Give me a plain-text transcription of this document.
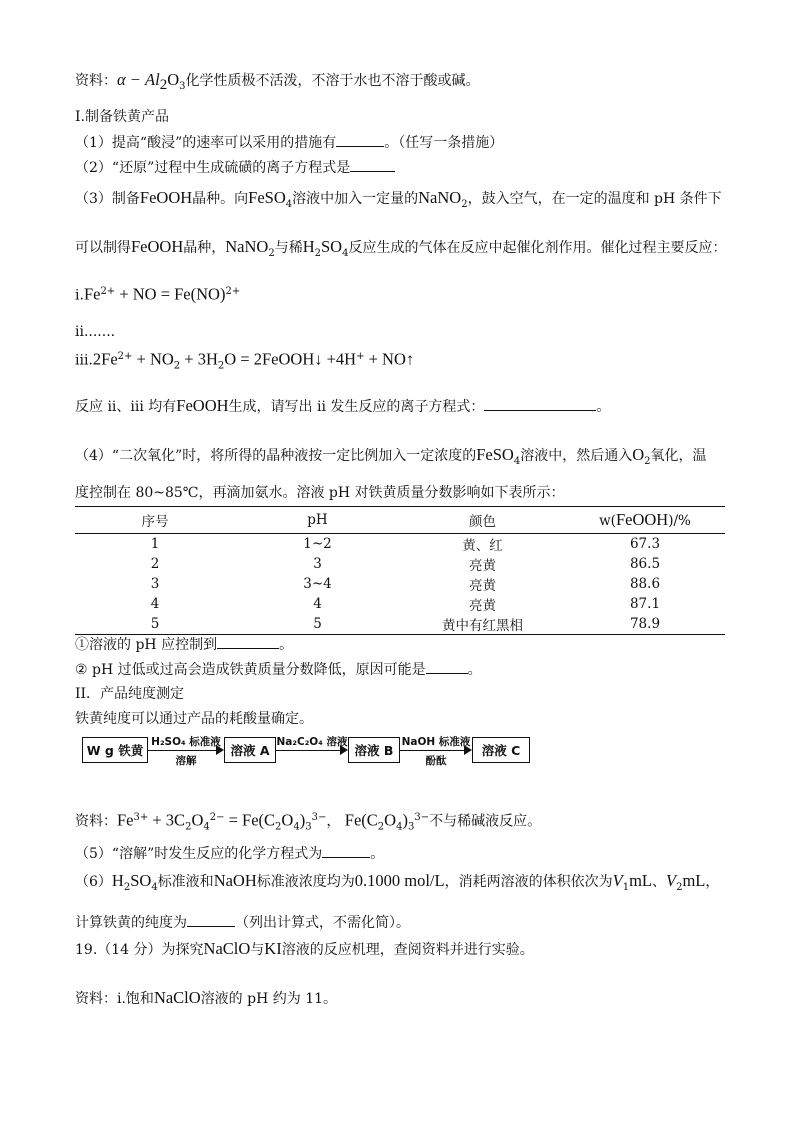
资料：$\alpha - Al_2O_3$化学性质极不活泼，不溶于水也不溶于酸或碱。
I.制备铁黄产品
（1）提高“酸浸”的速率可以采用的措施有	。（任写一条措施）
（2）“还原”过程中生成硫磺的离子方程式是
（3）制备FeOOH晶种。向FeSO$_4$溶液中加入一定量的NaNO$_2$，鼓入空气，在一定的温度和 pH 条件下
可以制得FeOOH晶种，NaNO$_2$与稀$H_2SO_4$反应生成的气体在反应中起催化剂作用。催化过程主要反应：
$i.Fe^{2+}$ + NO = Fe(NO)$^{2+}$
ii.......
$iii.2Fe^{2+} + NO_2 + 3H_2O$ = 2FeOOH↓ +4H+ + NO↑
反应 ii、iii 均有FeOOH生成，请写出 ii 发生反应的离子方程式：	。
（4）“二次氧化”时，将所得的晶种液按一定比例加入一定浓度的FeSO$_4$溶液中，然后通入$O_2$氧化，温
度控制在 80~85℃，再滴加氨水。溶液 pH 对铁黄质量分数影响如下表所示：
序号	pH	颜色	w(FeOOH)/%
1	1~2	黄、红	67.3
2	3	亮黄	86.5
3	3~4	亮黄	88.6
4	4	亮黄	87.1
5	5	黄中有红黑相	78.9
①溶液的 pH 应控制到	。
② pH 过低或过高会造成铁黄质量分数降低，原因可能是	。
II．产品纯度测定
铁黄纯度可以通过产品的耗酸量确定。
W g 铁黄
H₂SO₄ 标准液
溶解
溶液 A
Na₂C₂O₄ 溶液
溶液 B
NaOH 标准液
酚酞
溶液 C
资料：$Fe^{3+} + 3C_2O_4^{2-} = Fe(C_2O_4)_3^{3-}$， $Fe(C_2O_4)_3^{3-}$不与稀碱液反应。
（5）“溶解”时发生反应的化学方程式为	。
$(6)H_2SO_4$标准液和NaOH标准液浓度均为0.1000 mol/L，消耗两溶液的体积依次为$V_1mL$、$V_2mL$，
计算铁黄的纯度为	（列出计算式，不需化简）。
19.（14 分）为探究NaClO与KI溶液的反应机理，查阅资料并进行实验。
资料：i.饱和NaClO溶液的 pH 约为 11。
